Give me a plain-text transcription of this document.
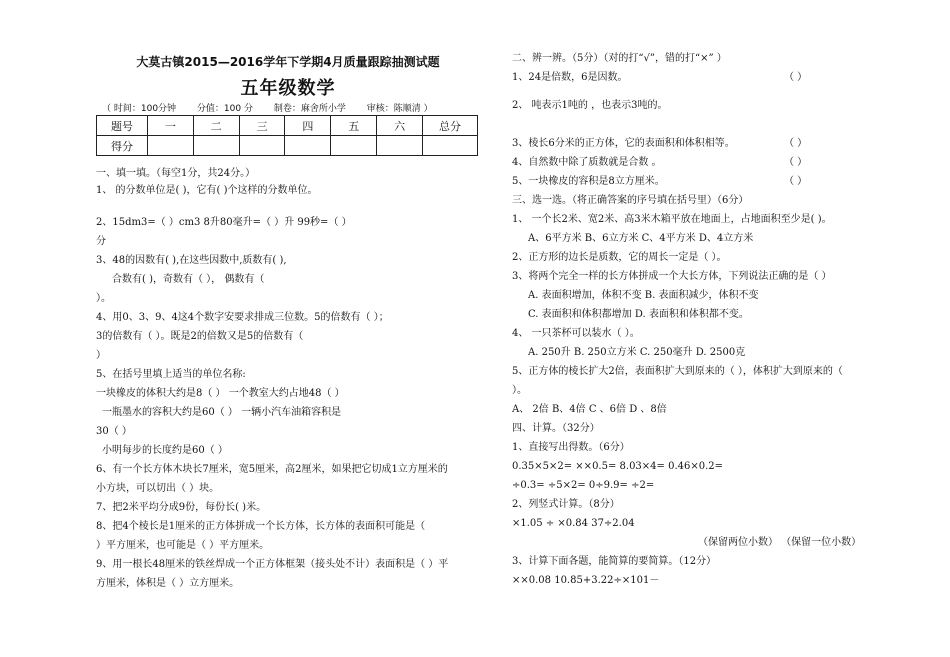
大莫古镇2015—2016学年下学期4月质量跟踪抽测试题
五年级数学
（ 时间：100分钟 分值：100 分 制卷：麻舍所小学 审核：陈顺清 ）
题号	一	二	三	四	五	六	总分
得分							
一、填一填。（每空1分，共24分。）
1、 的分数单位是( )，它有( )个这样的分数单位。
2、15dm3=（ ）cm3 8升80毫升=（ ）升 99秒=（ ）
分
3、48的因数有( ),在这些因数中,质数有( ),
合数有( )，奇数有（ ）， 偶数有（
）。
4、用0、3、9、4这4个数字安要求排成三位数。5的倍数有（ ）；
3的倍数有（ ）。既是2的倍数又是5的倍数有（
）
5、在括号里填上适当的单位名称:
一块橡皮的体积大约是8（ ） 一个教室大约占地48（ ）
一瓶墨水的容积大约是60（ ） 一辆小汽车油箱容积是
30（ ）
小明每步的长度约是60（ ）
6、有一个长方体木块长7厘米，宽5厘米，高2厘米，如果把它切成1立方厘米的
小方块，可以切出（ ）块。
7、把2米平均分成9份，每份长( )米。
8、把4个棱长是1厘米的正方体拼成一个长方体，长方体的表面积可能是（
）平方厘米，也可能是（ ）平方厘米。
9、用一根长48厘米的铁丝焊成一个正方体框架（接头处不计）表面积是（ ）平
方厘米，体积是（ ）立方厘米。
二、辨一辨。（5分）（对的打“√”，错的打“×” ）
1、24是倍数，6是因数。	（ ）
2、 吨表示1吨的 ，也表示3吨的。
3、棱长6分米的正方体，它的表面积和体积相等。	（ ）
4、自然数中除了质数就是合数 。	（ ）
5、一块橡皮的容积是8立方厘米。	（ ）
三、选一选。（将正确答案的序号填在括号里）（6分）
1、 一个长2米、宽2米、高3米木箱平放在地面上，占地面积至少是( )。
A、6平方米 B、6立方米 C、4平方米 D、4立方米
2、正方形的边长是质数，它的周长一定是（ ）。
3、将两个完全一样的长方体拼成一个大长方体，下列说法正确的是（ ）
A. 表面积增加，体积不变 B. 表面积减少，体积不变
C. 表面积和体积都增加 D. 表面积和体积都不变。
4、 一只茶杯可以装水（ ）。
A. 250升 B. 250立方米 C. 250毫升 D. 2500克
5、正方体的棱长扩大2倍，表面积扩大到原来的（ ），体积扩大到原来的（
）。
A、 2倍 B、4倍 C 、6倍 D 、8倍
四、计算。（32分）
1、直接写出得数。（6分）
0.35×5×2= ××0.5= 8.03×4= 0.46×0.2=
÷0.3= ÷5×2= 0÷9.9= ÷2=
2、列竖式计算。（8分）
×1.05 ÷ ×0.84 37÷2.04
（保留两位小数） （保留一位小数）
3、计算下面各题，能简算的要简算。（12分）
××0.08 10.85+3.22÷×101－
